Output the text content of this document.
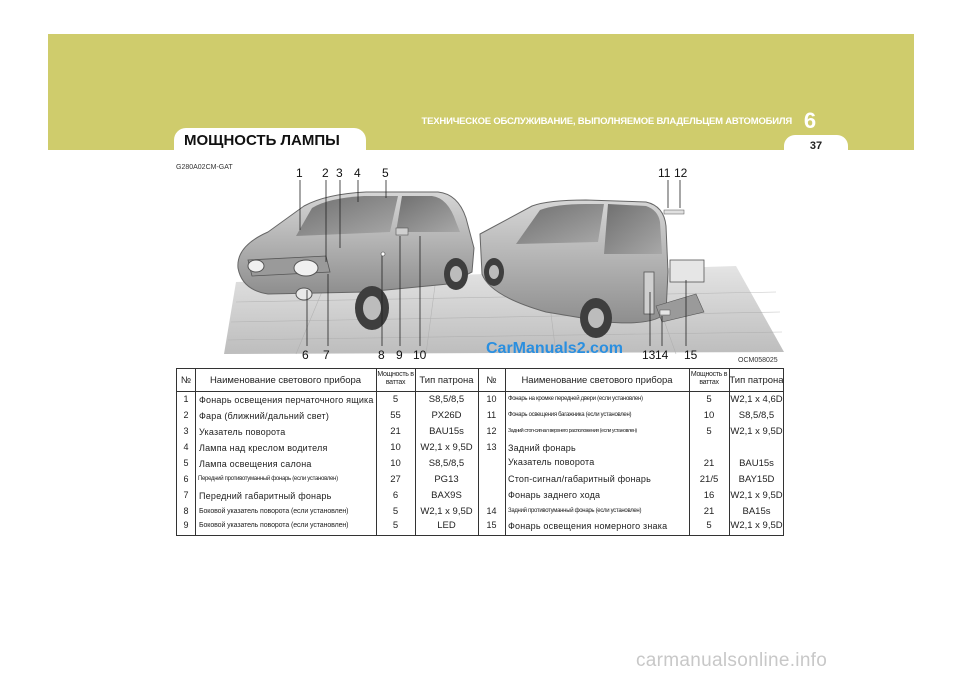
ТЕХНИЧЕСКОЕ ОБСЛУЖИВАНИЕ, ВЫПОЛНЯЕМОЕ ВЛАДЕЛЬЦЕМ АВТОМОБИЛЯ 6
37
МОЩНОСТЬ ЛАМПЫ
G280A02CM-GAT	1 2 3 4 5
6 7	8 9 10
11 12
13 14 15
CarManuals2.com
OCM058025
№	Наименование светового прибора
Мощность в ваттах	Тип патрона	№	Наименование светового прибора
Мощность в ваттах	Тип патрона
1	Фонарь освещения перчаточного ящика	5	S8,5/8,5
2	Фара (ближний/дальний свет)	55	PX26D
3	Указатель поворота	21	BAU15s
4	Лампа над креслом водителя	10	W2,1 x 9,5D
5	Лампа освещения салона	10	S8,5/8,5
6	Передний противотуманный фонарь (если установлен)	27	PG13
7	Передний габаритный фонарь	6	BAX9S
8	Боковой указатель поворота (если установлен)	5	W2,1 x 9,5D
9	Боковой указатель поворота (если установлен)	5	LED
10	Фонарь на кромке передней двери (если установлен)	5	W2,1 x 4,6D
11	Фонарь освещения багажника (если установлен)	10	S8,5/8,5
12	Задний стоп-сигнал верхнего расположения (если установлен)	5	W2,1 x 9,5D
13	Задний фонарь
Указатель поворота	21	BAU15s
Стоп-сигнал/габаритный фонарь	21/5	BAY15D
Фонарь заднего хода	16	W2,1 x 9,5D
14	Задний противотуманный фонарь (если установлен)	21	BA15s
15	Фонарь освещения номерного знака	5	W2,1 x 9,5D
carmanualsonline.info
